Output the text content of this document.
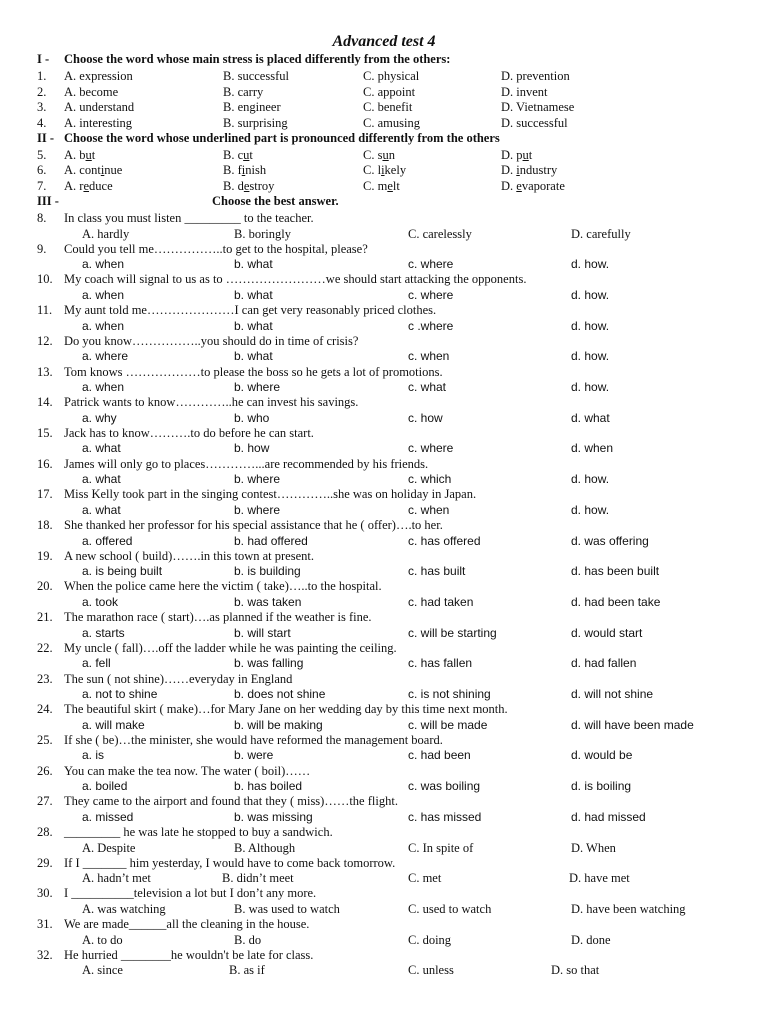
Advanced test 4
I - Choose the word whose main stress is placed differently from the others:
1. A. expression	B. successful	C. physical	D. prevention
2. A. become	B. carry	C. appoint	D. invent
3. A. understand	B. engineer	C. benefit	D. Vietnamese
4. A. interesting	B. surprising	C. amusing	D. successful
II - Choose the word whose underlined part is pronounced differently from the others
5. A. but	B. cut	C. sun	D. put
6. A. continue	B. finish	C. likely	D. industry
7. A. reduce	B. destroy	C. melt	D. evaporate
III -	Choose the best answer.
8. In class you must listen _________ to the teacher.
A. hardly	B. boringly	C. carelessly	D. carefully
9. Could you tell me……………..to get to the hospital, please?
a. when	b. what	c. where	d. how.
10. My coach will signal to us as to ……………………we should start attacking the opponents.
a. when	b. what	c. where	d. how.
11. My aunt told me…………………I can get very reasonably priced clothes.
a. when	b. what	c .where	d. how.
12. Do you know……………..you should do in time of crisis?
a. where	b. what	c. when	d. how.
13. Tom knows ………………to please the boss so he gets a lot of promotions.
a. when	b. where	c. what	d. how.
14. Patrick wants to know…………..he can invest his savings.
a. why	b. who	c. how	d. what
15. Jack has to know……….to do before he can start.
a. what	b. how	c. where	d. when
16. James will only go to places…………...are recommended by his friends.
a. what	b. where	c. which	d. how.
17. Miss Kelly took part in the singing contest…………..she was on holiday in Japan.
a. what	b. where	c. when	d. how.
18. She thanked her professor for his special assistance that he ( offer)….to her.
a. offered	b. had offered	c. has offered	d. was offering
19. A new school ( build)…….in this town at present.
a. is being built	b. is building	c. has built	d. has been built
20. When the police came here the victim ( take)…..to the hospital.
a. took	b. was taken	c. had taken	d. had been take
21. The marathon race ( start)….as planned if the weather is fine.
a. starts	b. will start	c. will be starting	d. would start
22. My uncle ( fall)….off the ladder while he was painting the ceiling.
a. fell	b. was falling	c. has fallen	d. had fallen
23. The sun ( not shine)……everyday in England
a. not to shine	b. does not shine	c. is not shining	d. will not shine
24. The beautiful skirt ( make)…for Mary Jane on her wedding day by this time next month.
a. will make	b. will be making	c. will be made	d. will have been made
25. If she ( be)…the minister, she would have reformed the management board.
a. is	b. were	c. had been	d. would be
26. You can make the tea now. The water ( boil)……
a. boiled	b. has boiled	c. was boiling	d. is boiling
27. They came to the airport and found that they ( miss)……the flight.
a. missed	b. was missing	c. has missed	d. had missed
28. _________ he was late he stopped to buy a sandwich.
A. Despite	B. Although	C. In spite of	D. When
29. If I _______ him yesterday, I would have to come back tomorrow.
A. hadn’t met	B. didn’t meet	C. met	D. have met
30. I __________television a lot but I don’t any more.
A. was watching	B. was used to watch	C. used to watch	D. have been watching
31. We are made______all the cleaning in the house.
A. to do	B. do	C. doing	D. done
32. He hurried ________he wouldn't be late for class.
A. since	B. as if	C. unless	D. so that
